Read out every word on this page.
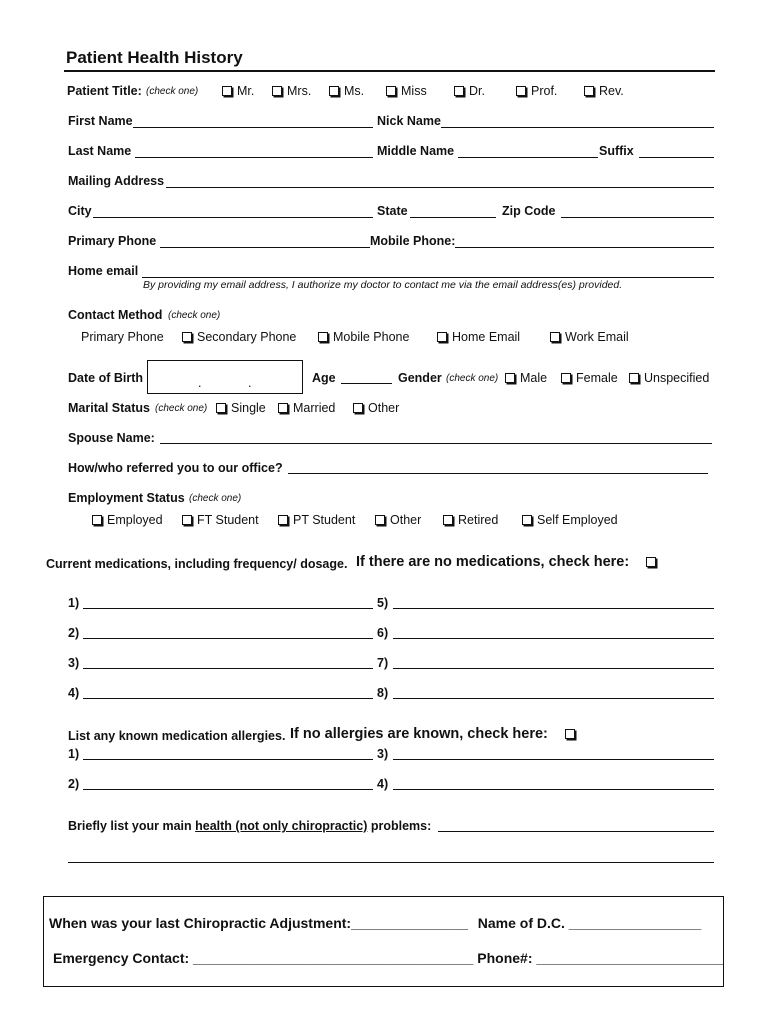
Patient Health History
Patient Title: (check one)	Mr.	Mrs.	Ms.	Miss	Dr.	Prof.	Rev.
First Name	Nick Name
Last Name	Middle Name	Suffix
Mailing Address
City	State	Zip Code
Primary Phone	Mobile Phone:
Home email
By providing my email address, I authorize my doctor to contact me via the email address(es) provided.
Contact Method (check one)
Primary Phone	Secondary Phone	Mobile Phone	Home Email	Work Email
Date of Birth	.	.	Age	Gender (check one)	Male	Female	Unspecified
Marital Status (check one)	Single	Married	Other
Spouse Name:
How/who referred you to our office?
Employment Status (check one)
Employed	FT Student	PT Student	Other	Retired	Self Employed
Current medications, including frequency/ dosage. If there are no medications, check here:
1)	5)
2)	6)
3)	7)
4)	8)
List any known medication allergies. If no allergies are known, check here:
1)	3)
2)	4)
Briefly list your main health (not only chiropractic) problems:
When was your last Chiropractic Adjustment:_______________ Name of D.C. _________________
Emergency Contact: ____________________________________ Phone#: ________________________
